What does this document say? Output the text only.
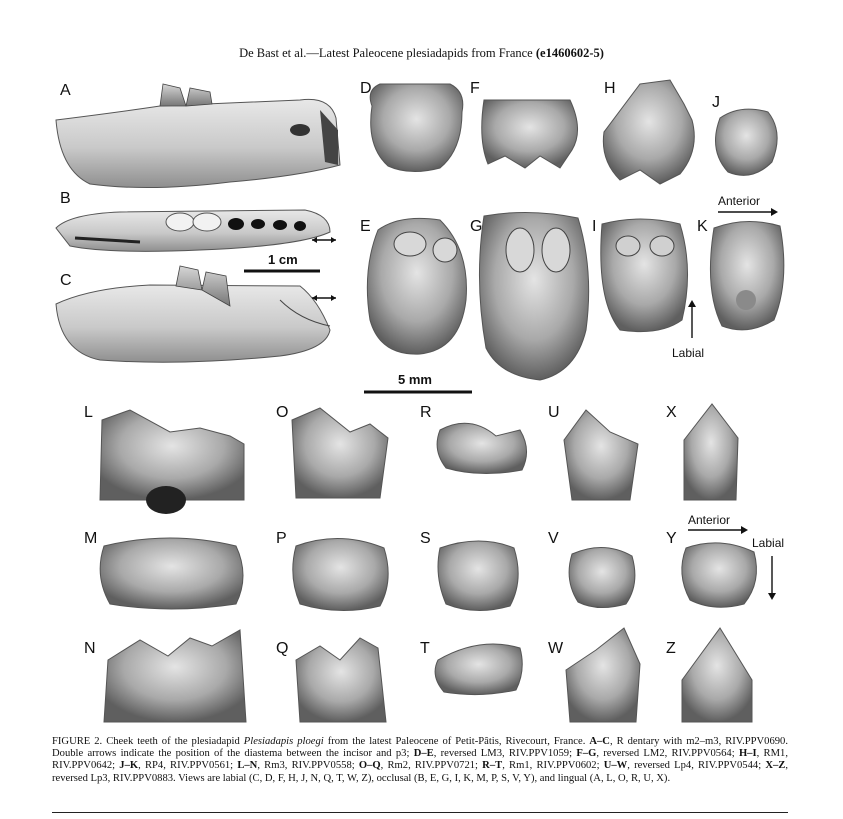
De Bast et al.—Latest Paleocene plesiadapids from France (e1460602-5)
A
B
C
D
E
F
G
H
I
J
K
L
M
N
O
P
Q
R
S
T
U
V
W
X
Y
Z
1 cm
5 mm
Anterior
Labial
Anterior
Labial
FIGURE 2. Cheek teeth of the plesiadapid Plesiadapis ploegi from the latest Paleocene of Petit-Pâtis, Rivecourt, France. A–C, R dentary with m2–m3, RIV.PPV0690. Double arrows indicate the position of the diastema between the incisor and p3; D–E, reversed LM3, RIV.PPV1059; F–G, reversed LM2, RIV.PPV0564; H–I, RM1, RIV.PPV0642; J–K, RP4, RIV.PPV0561; L–N, Rm3, RIV.PPV0558; O–Q, Rm2, RIV.PPV0721; R–T, Rm1, RIV.PPV0602; U–W, reversed Lp4, RIV.PPV0544; X–Z, reversed Lp3, RIV.PPV0883. Views are labial (C, D, F, H, J, N, Q, T, W, Z), occlusal (B, E, G, I, K, M, P, S, V, Y), and lingual (A, L, O, R, U, X).
